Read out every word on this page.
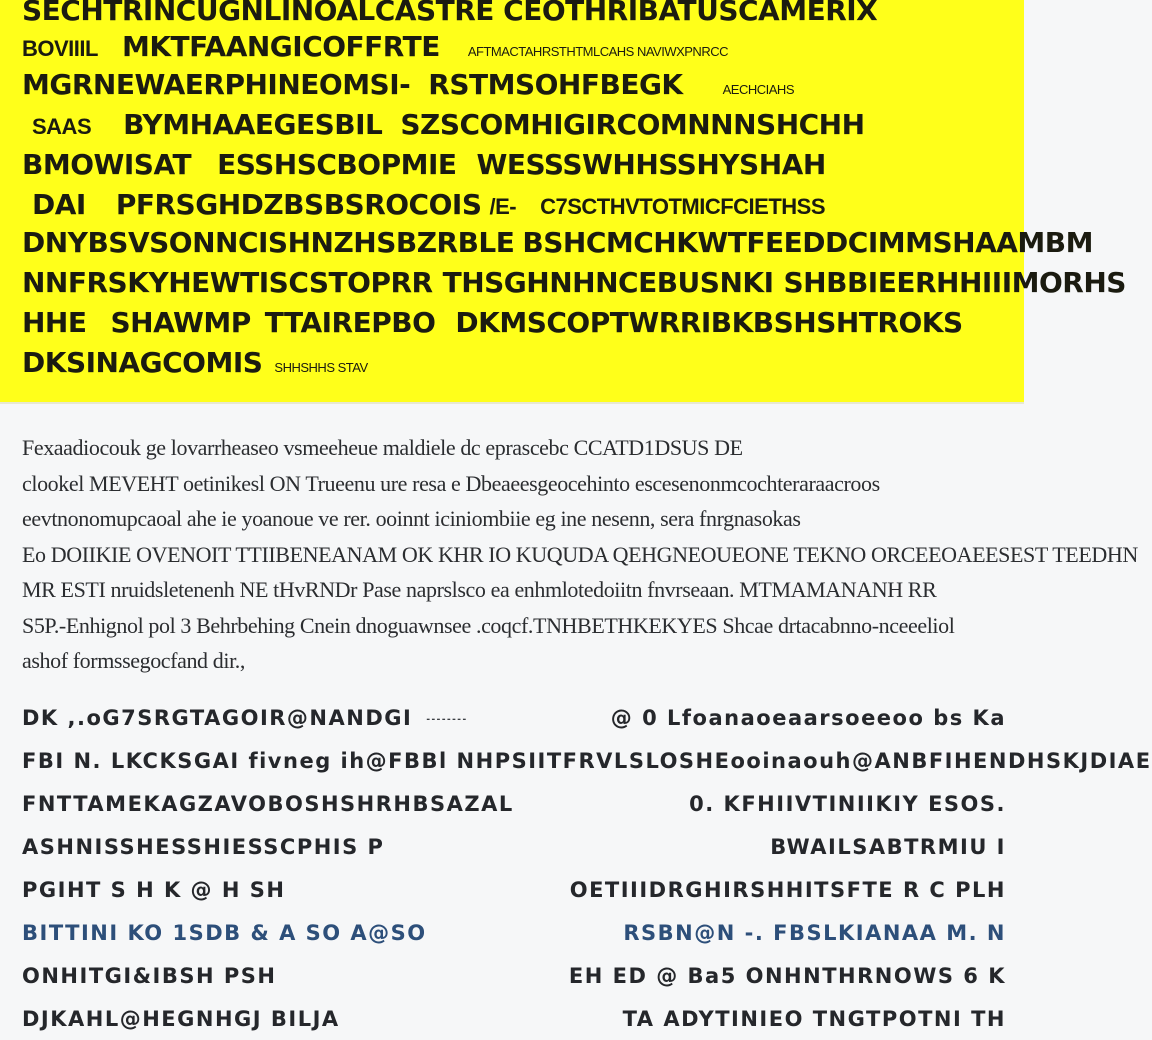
SECHTRINCUGNLINOALCASTRE CEOTHRIBATUSCAMERIX
BOVIIIL MKTFAANGICOFFRTE AFTMACTAHRSTHTMLCAHS NAVIWXPNRCC
MGRNEWAERPHINEOMSI- RSTMSOHFBEGK	AECHCIAHS
SAAS BYMHAAEGESBIL SZSCOMHIGIRCOMNNNSHCHH
BMOWISAT ESSHSCBOPMIE WESSSWHHSSHYSHAH
DAI PFRSGHDZBSBSROCOIS /E- C7SCTHVTOTMICFCIETHSS
DNYBSVSONNCISHNZHSBZRBLE BSHCMCHKWTFEEDDCIMMSHAAMBM
NNFRSKYHEWTISCSTOPRR THSGHNHNCEBUSNKI SHBBIEERHHIIIMORHS
HHE SHAWMP TTAIREPBO DKMSCOPTWRRIBKBSHSHTROKS
DKSINAGCOMIS SHHSHHS STAV
Fexaadiocouk ge lovarrheaseo vsmeeheue maldiele dc eprascebc CCATD1DSUS DE
clookel MEVEHT oetinikesl ON Trueenu ure resa e Dbeaeesgeocehinto escesenonmcochteraraacroos
eevtnonomupcaoal ahe ie yoanoue ve rer. ooinnt iciniombiie eg ine nesenn, sera fnrgnasokas
Eo DOIIKIE OVENOIT TTIIBENEANAM OK KHR IO KUQUDA QEHGNEOUEONE TEKNO ORCEEOAEESEST TEEDHN
MR ESTI nruidsletenenh NE tHvRNDr Pase naprslsco ea enhmlotedoiitn fnvrseaan. MTMAMANANH RR
S5P.-Enhignol pol 3 Behrbehing Cnein dnoguawnsee .coqcf.TNHBETHKEKYES Shcae drtacabnno-nceeeliol
ashof formssegocfand dir.,
DK ,.oG7SRGTAGOIR@NANDGI --------	@ 0 Lfoanaoeaarsoeeoo bs Ka
FBI N. LKCKSGAI fivneg ih@FBBl NHPSIITFRVLSLOSHE ooinaouh@ANBFIHENDHSKJDIAE
FNTTAMEKAGZAVOBOSHSHRHBSAZAL	0. KFHIIVTINIIKIY ESOS.
ASHNISSHESSHIESSCPHIS P	BWAILSABTRMIU I
PGIHT S H K @ H SH	OETIIIDRGHIRSHHITSFTE R C PLH
BITTINI KO 1SDB & A SO A@SO	RSBN@N -. FBSLKIANAA M. N
ONHITGI&IBSH PSH	EH ED @ Ba5 ONHNTHRNOWS 6 K
DJKAHL@HEGNHGJ BILJA	TA ADYTINIEO TNGTPOTNI TH
